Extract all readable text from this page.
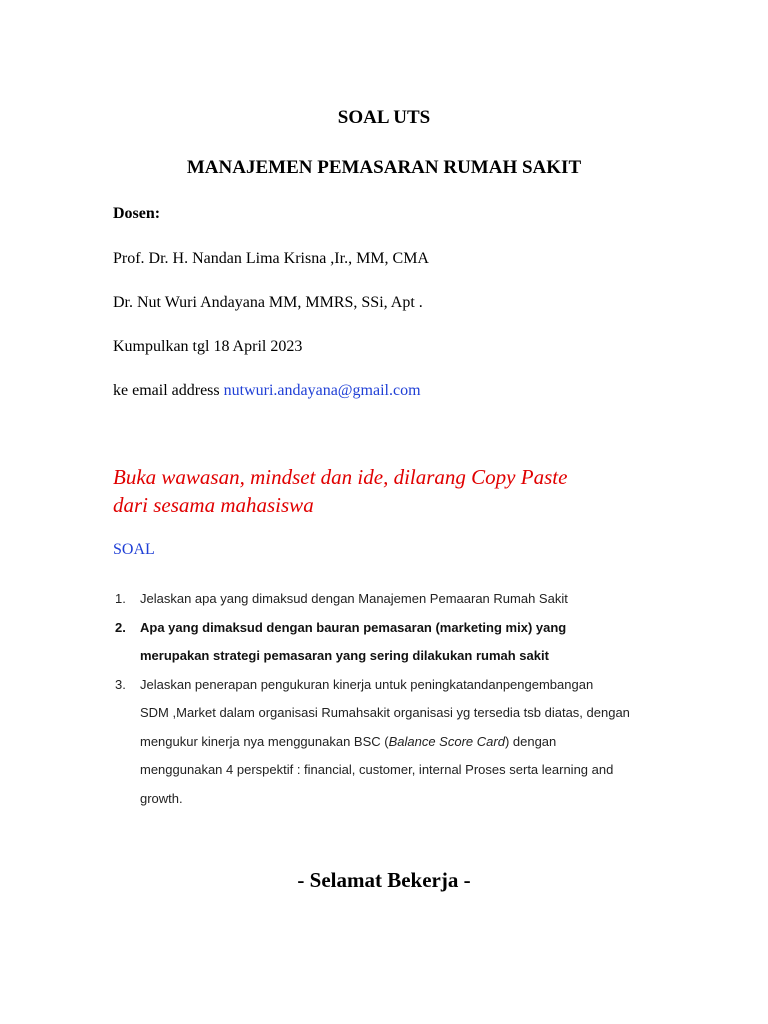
SOAL UTS
MANAJEMEN PEMASARAN RUMAH SAKIT
Dosen:
Prof. Dr. H. Nandan Lima Krisna ,Ir., MM, CMA
Dr. Nut Wuri Andayana MM, MMRS, SSi, Apt .
Kumpulkan tgl 18 April 2023
ke email address nutwuri.andayana@gmail.com
Buka wawasan, mindset dan ide, dilarang Copy Paste
dari sesama mahasiswa
SOAL
1. Jelaskan apa yang dimaksud dengan Manajemen Pemaaran Rumah Sakit
2. Apa yang dimaksud dengan bauran pemasaran (marketing mix) yang
merupakan strategi pemasaran yang sering dilakukan rumah sakit
3. Jelaskan penerapan pengukuran kinerja untuk peningkatandanpengembangan
SDM ,Market dalam organisasi Rumahsakit organisasi yg tersedia tsb diatas, dengan
mengukur kinerja nya menggunakan BSC (Balance Score Card) dengan
menggunakan 4 perspektif : financial, customer, internal Proses serta learning and
growth.
- Selamat Bekerja -
